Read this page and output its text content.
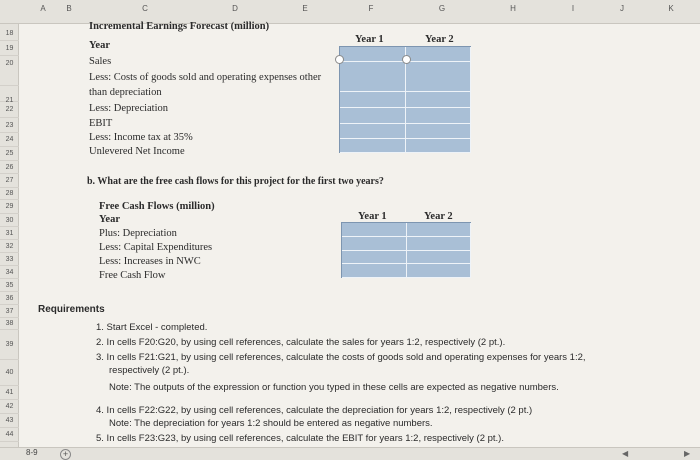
A	B	C	D	E	F	G	H	I	J	K
18
19
20
21
22
23
24
25
26
27
28
29
30
31
32
33
34
35
36
37
38
39
40
41
42
43
44
Incremental Earnings Forecast (million)
Year
Sales
Less: Costs of goods sold and operating expenses other
than depreciation
Less: Depreciation
EBIT
Less: Income tax at 35%
Unlevered Net Income
Year 1	Year 2
b. What are the free cash flows for this project for the first two years?
Free Cash Flows (million)
Year
Plus: Depreciation
Less: Capital Expenditures
Less: Increases in NWC
Free Cash Flow
Year 1	Year 2
Requirements
1. Start Excel - completed.
2. In cells F20:G20, by using cell references, calculate the sales for years 1:2, respectively (2 pt.).
3. In cells F21:G21, by using cell references, calculate the costs of goods sold and operating expenses for years 1:2,
respectively (2 pt.).
Note: The outputs of the expression or function you typed in these cells are expected as negative numbers.
4. In cells F22:G22, by using cell references, calculate the depreciation for years 1:2, respectively (2 pt.)
Note: The depreciation for years 1:2 should be entered as negative numbers.
5. In cells F23:G23, by using cell references, calculate the EBIT for years 1:2, respectively (2 pt.).
8-9	+	◀	▶
